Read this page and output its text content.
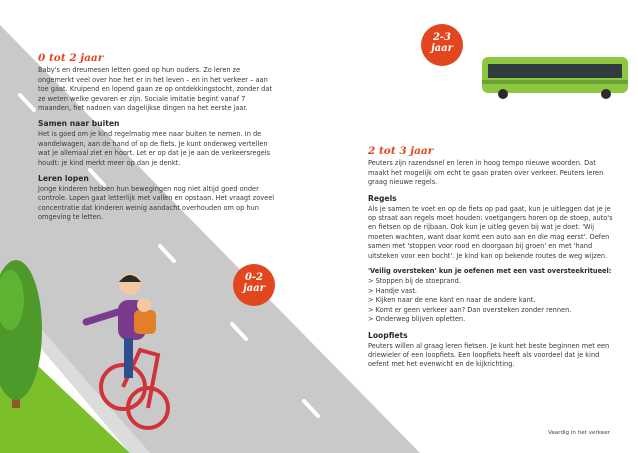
0 tot 2 jaar

Baby's en dreumesen letten goed op hun ouders. Zo leren ze ongemerkt veel over hoe het er in het leven – en in het verkeer – aan toe gaat. Kruipend en lopend gaan ze op ontdekkingstocht, zonder dat ze weten welke gevaren er zijn. Sociale imitatie begint vanaf 7 maanden, het nadoen van dagelijkse dingen na het eerste jaar.

Samen naar buiten

Het is goed om je kind regelmatig mee naar buiten te nemen. In de wandelwagen, aan de hand of op de fiets. Je kunt onderweg vertellen wat je allemaal ziet en hoort. Let er op dat je je aan de verkeersregels houdt: je kind merkt meer op dan je denkt.

Leren lopen

Jonge kinderen hebben hun bewegingen nog niet altijd goed onder controle. Lopen gaat letterlijk met vallen en opstaan. Het vraagt zoveel concentratie dat kinderen weinig aandacht overhouden om op hun omgeving te letten.

2 tot 3 jaar

Peuters zijn razendsnel en leren in hoog tempo nieuwe woorden. Dat maakt het mogelijk om echt te gaan praten over verkeer. Peuters leren graag nieuwe regels.

Regels

Als je samen te voet en op de fiets op pad gaat, kun je uitleggen dat je je op straat aan regels moet houden: voetgangers horen op de stoep, auto's en fietsen op de rijbaan. Ook kun je uitleg geven bij wat je doet: 'Wij moeten wachten, want daar komt een auto aan en die mag eerst'. Oefen samen met 'stoppen voor rood en doorgaan bij groen' en met 'hand uitsteken voor een bocht'. Je kind kan op bekende routes de weg wijzen.

'Veilig oversteken' kun je oefenen met een vast oversteekritueel:
> Stoppen bij de stoeprand.
> Handje vast.
> Kijken naar de ene kant en naar de andere kant.
> Komt er geen verkeer aan? Dan oversteken zonder rennen.
> Onderweg blijven opletten.
Loopfiets

Peuters willen al graag leren fietsen. Je kunt het beste beginnen met een driewieler of een loopfiets. Een loopfiets heeft als voordeel dat je kind oefent met het evenwicht en de kijkrichting.

2-3
jaar
0-2
jaar
Vaardig in het verkeer
